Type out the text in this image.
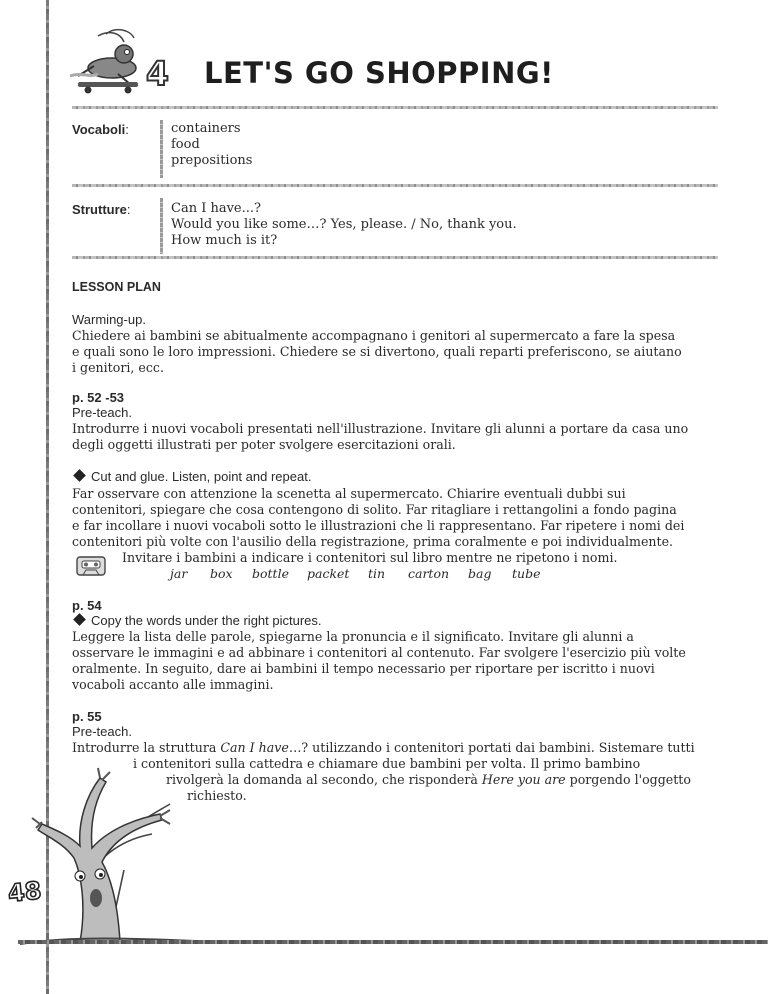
4 LET'S GO SHOPPING!
Vocaboli:	containers
food
prepositions
Strutture:	Can I have...?
Would you like some…? Yes, please. / No, thank you.
How much is it?
LESSON PLAN
Warming-up.
Chiedere ai bambini se abitualmente accompagnano i genitori al supermercato a fare la spesa
e quali sono le loro impressioni. Chiedere se si divertono, quali reparti preferiscono, se aiutano
i genitori, ecc.
p. 52 -53
Pre-teach.
Introdurre i nuovi vocaboli presentati nell'illustrazione. Invitare gli alunni a portare da casa uno
degli oggetti illustrati per poter svolgere esercitazioni orali.
Cut and glue. Listen, point and repeat.
Far osservare con attenzione la scenetta al supermercato. Chiarire eventuali dubbi sui
contenitori, spiegare che cosa contengono di solito. Far ritagliare i rettangolini a fondo pagina
e far incollare i nuovi vocaboli sotto le illustrazioni che li rappresentano. Far ripetere i nomi dei
contenitori più volte con l'ausilio della registrazione, prima coralmente e poi individualmente.
Invitare i bambini a indicare i contenitori sul libro mentre ne ripetono i nomi.
jar box bottle packet tin carton bag tube
p. 54
Copy the words under the right pictures.
Leggere la lista delle parole, spiegarne la pronuncia e il significato. Invitare gli alunni a
osservare le immagini e ad abbinare i contenitori al contenuto. Far svolgere l'esercizio più volte
oralmente. In seguito, dare ai bambini il tempo necessario per riportare per iscritto i nuovi
vocaboli accanto alle immagini.
p. 55
Pre-teach.
Introdurre la struttura Can I have…? utilizzando i contenitori portati dai bambini. Sistemare tutti
i contenitori sulla cattedra e chiamare due bambini per volta. Il primo bambino
rivolgerà la domanda al secondo, che risponderà Here you are porgendo l'oggetto
richiesto.
48
